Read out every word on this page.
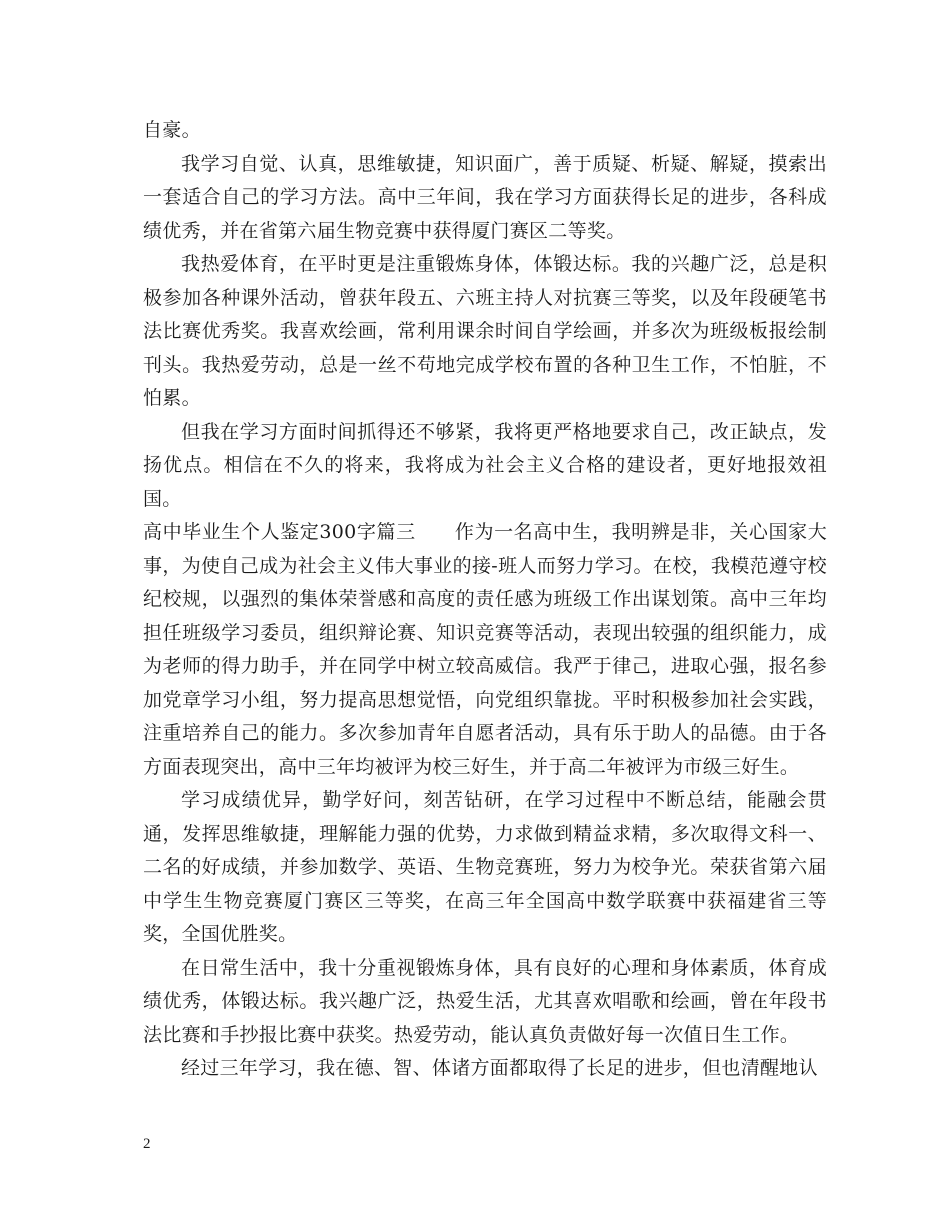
自豪。

我学习自觉、认真，思维敏捷，知识面广，善于质疑、析疑、解疑，摸索出一套适合自己的学习方法。高中三年间，我在学习方面获得长足的进步，各科成绩优秀，并在省第六届生物竞赛中获得厦门赛区二等奖。

我热爱体育，在平时更是注重锻炼身体，体锻达标。我的兴趣广泛，总是积极参加各种课外活动，曾获年段五、六班主持人对抗赛三等奖，以及年段硬笔书法比赛优秀奖。我喜欢绘画，常利用课余时间自学绘画，并多次为班级板报绘制刊头。我热爱劳动，总是一丝不苟地完成学校布置的各种卫生工作，不怕脏，不怕累。

但我在学习方面时间抓得还不够紧，我将更严格地要求自己，改正缺点，发扬优点。相信在不久的将来，我将成为社会主义合格的建设者，更好地报效祖国。

高中毕业生个人鉴定300字篇三　　作为一名高中生，我明辨是非，关心国家大事，为使自己成为社会主义伟大事业的接-班人而努力学习。在校，我模范遵守校纪校规，以强烈的集体荣誉感和高度的责任感为班级工作出谋划策。高中三年均担任班级学习委员，组织辩论赛、知识竞赛等活动，表现出较强的组织能力，成为老师的得力助手，并在同学中树立较高威信。我严于律己，进取心强，报名参加党章学习小组，努力提高思想觉悟，向党组织靠拢。平时积极参加社会实践，注重培养自己的能力。多次参加青年自愿者活动，具有乐于助人的品德。由于各方面表现突出，高中三年均被评为校三好生，并于高二年被评为市级三好生。

学习成绩优异，勤学好问，刻苦钻研，在学习过程中不断总结，能融会贯通，发挥思维敏捷，理解能力强的优势，力求做到精益求精，多次取得文科一、二名的好成绩，并参加数学、英语、生物竞赛班，努力为校争光。荣获省第六届中学生生物竞赛厦门赛区三等奖，在高三年全国高中数学联赛中获福建省三等奖，全国优胜奖。

在日常生活中，我十分重视锻炼身体，具有良好的心理和身体素质，体育成绩优秀，体锻达标。我兴趣广泛，热爱生活，尤其喜欢唱歌和绘画，曾在年段书法比赛和手抄报比赛中获奖。热爱劳动，能认真负责做好每一次值日生工作。

经过三年学习，我在德、智、体诸方面都取得了长足的进步，但也清醒地认

2
